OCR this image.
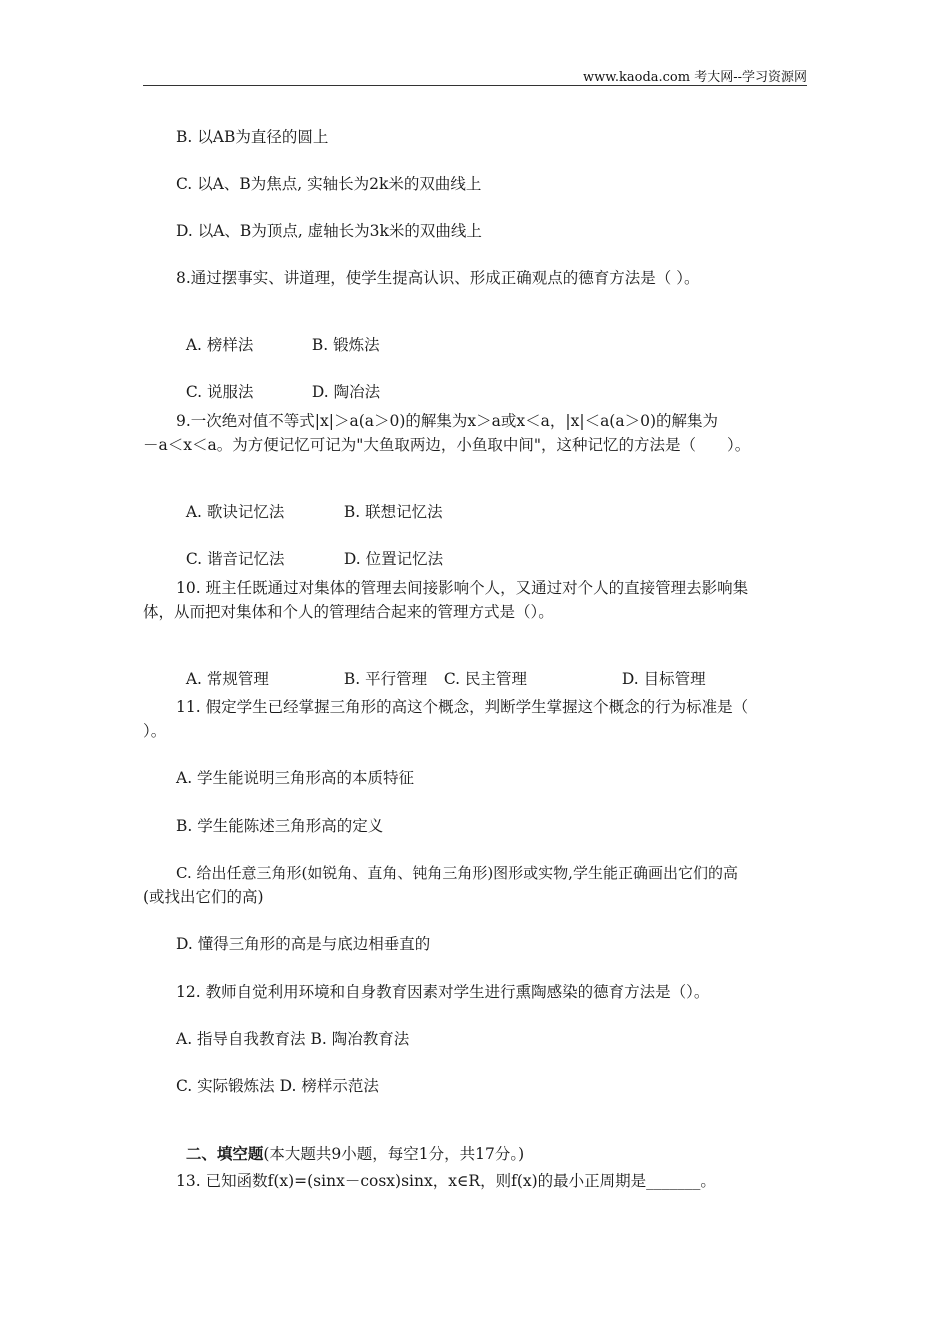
www.kaoda.com 考大网--学习资源网
B. 以AB为直径的圆上
C. 以A、B为焦点, 实轴长为2k米的双曲线上
D. 以A、B为顶点, 虚轴长为3k米的双曲线上
8.通过摆事实、讲道理，使学生提高认识、形成正确观点的德育方法是（ ）。

A. 榜样法	B. 锻炼法

C. 说服法	D. 陶冶法

9.一次绝对值不等式|x|＞a(a＞0)的解集为x＞a或x＜a，|x|＜a(a＞0)的解集为
－a＜x＜a。为方便记忆可记为"大鱼取两边，小鱼取中间"，这种记忆的方法是（　　）。

A. 歌诀记忆法	B. 联想记忆法

C. 谐音记忆法	D. 位置记忆法

10. 班主任既通过对集体的管理去间接影响个人，又通过对个人的直接管理去影响集
体，从而把对集体和个人的管理结合起来的管理方式是（）。

A. 常规管理	B. 平行管理 C. 民主管理	D. 目标管理

11. 假定学生已经掌握三角形的高这个概念，判断学生掌握这个概念的行为标准是（
）。
A. 学生能说明三角形高的本质特征
B. 学生能陈述三角形高的定义
C. 给出任意三角形(如锐角、直角、钝角三角形)图形或实物,学生能正确画出它们的高
(或找出它们的高)
D. 懂得三角形的高是与底边相垂直的
12. 教师自觉利用环境和自身教育因素对学生进行熏陶感染的德育方法是（）。
A. 指导自我教育法 B. 陶冶教育法
C. 实际锻炼法 D. 榜样示范法

二、填空题(本大题共9小题，每空1分，共17分。)

13. 已知函数f(x)=(sinx－cosx)sinx，x∈R，则f(x)的最小正周期是_______。
